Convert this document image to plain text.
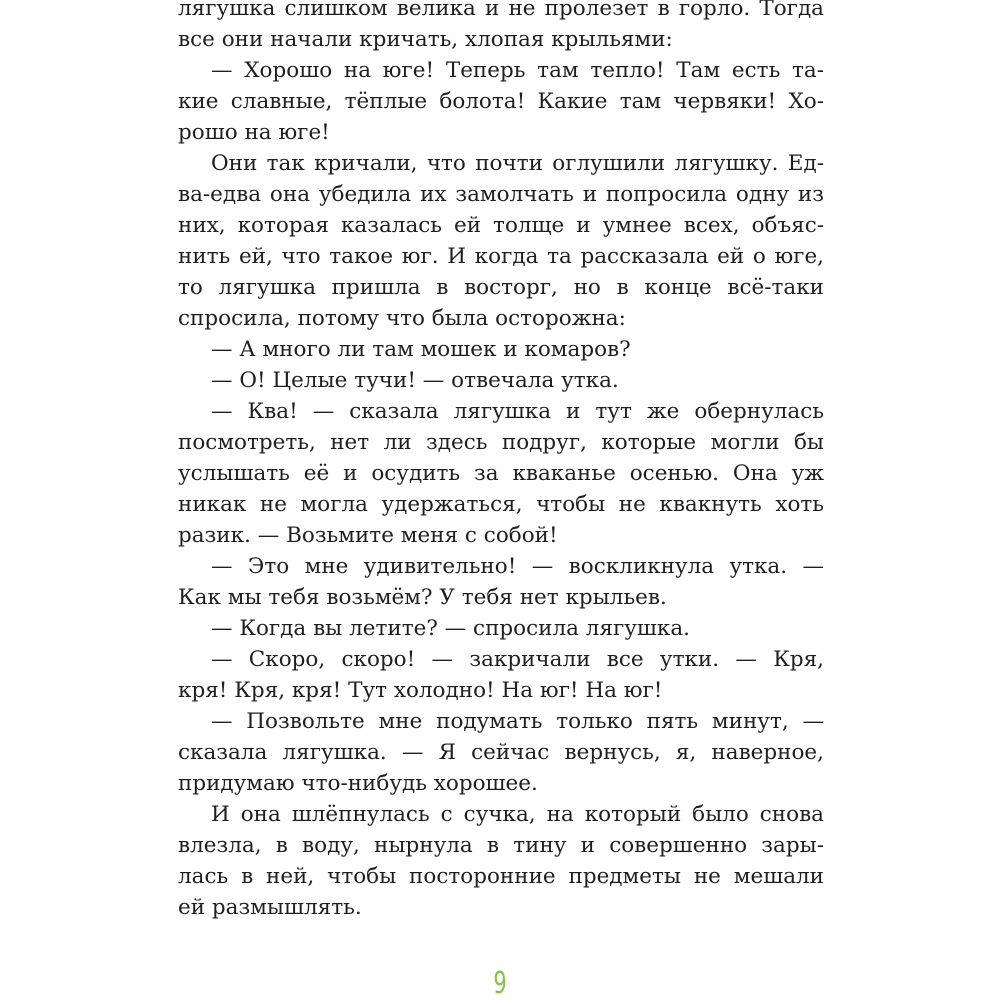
лягушка слишком велика и не пролезет в горло. Тогда
все они начали кричать, хлопая крыльями:
— Хорошо на юге! Теперь там тепло! Там есть та-
кие славные, тёплые болота! Какие там червяки! Хо-
рошо на юге!
Они так кричали, что почти оглушили лягушку. Ед-
ва-едва она убедила их замолчать и попросила одну из
них, которая казалась ей толще и умнее всех, объяс-
нить ей, что такое юг. И когда та рассказала ей о юге,
то лягушка пришла в восторг, но в конце всё-таки
спросила, потому что была осторожна:
— А много ли там мошек и комаров?
— О! Целые тучи! — отвечала утка.
— Ква! — сказала лягушка и тут же обернулась
посмотреть, нет ли здесь подруг, которые могли бы
услышать её и осудить за кваканье осенью. Она уж
никак не могла удержаться, чтобы не квакнуть хоть
разик. — Возьмите меня с собой!
— Это мне удивительно! — воскликнула утка. —
Как мы тебя возьмём? У тебя нет крыльев.
— Когда вы летите? — спросила лягушка.
— Скоро, скоро! — закричали все утки. — Кря,
кря! Кря, кря! Тут холодно! На юг! На юг!
— Позвольте мне подумать только пять минут, —
сказала лягушка. — Я сейчас вернусь, я, наверное,
придумаю что-нибудь хорошее.
И она шлёпнулась с сучка, на который было снова
влезла, в воду, нырнула в тину и совершенно зары-
лась в ней, чтобы посторонние предметы не мешали
ей размышлять.
9
